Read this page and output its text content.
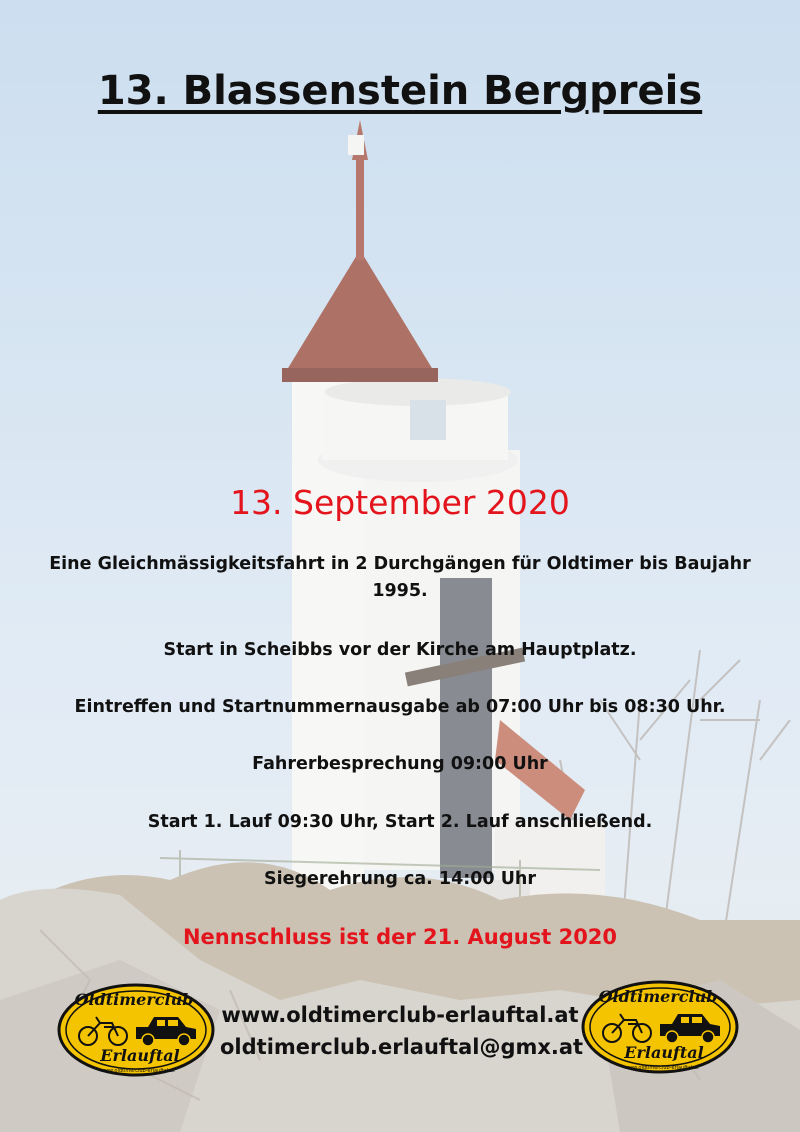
13. Blassenstein Bergpreis
13. September 2020
Eine Gleichmässigkeitsfahrt in 2 Durchgängen für Oldtimer bis Baujahr 1995.
Start in Scheibbs vor der Kirche am Hauptplatz.
Eintreffen und Startnummernausgabe ab 07:00 Uhr bis 08:30 Uhr.
Fahrerbesprechung 09:00 Uhr
Start 1. Lauf 09:30 Uhr, Start 2. Lauf anschließend.
Siegerehrung ca. 14:00 Uhr
Nennschluss ist der 21. August 2020
www.oldtimerclub-erlauftal.at
oldtimerclub.erlauftal@gmx.at
Oldtimerclub
Erlauftal
www.oldtimerclub-erlauftal.at
Oldtimerclub
Erlauftal
www.oldtimerclub-erlauftal.at
